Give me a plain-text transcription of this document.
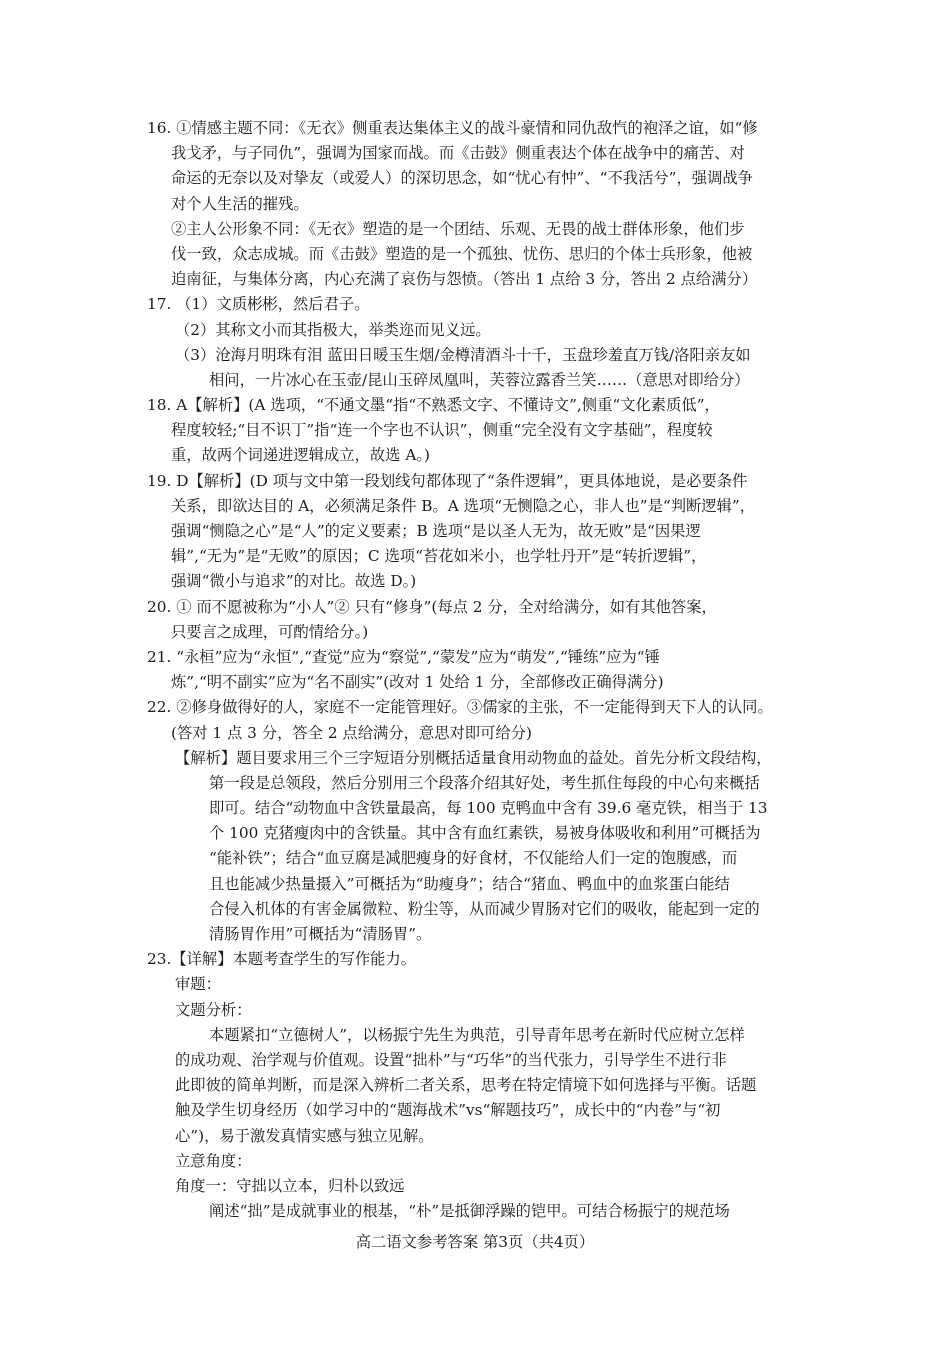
16. ①情感主题不同：《无衣》侧重表达集体主义的战斗豪情和同仇敌忾的袍泽之谊，如“修
我戈矛，与子同仇”，强调为国家而战。而《击鼓》侧重表达个体在战争中的痛苦、对
命运的无奈以及对挚友（或爱人）的深切思念，如“忧心有忡”、“不我活兮”，强调战争
对个人生活的摧残。
②主人公形象不同：《无衣》塑造的是一个团结、乐观、无畏的战士群体形象，他们步
伐一致，众志成城。而《击鼓》塑造的是一个孤独、忧伤、思归的个体士兵形象，他被
迫南征，与集体分离，内心充满了哀伤与怨愤。（答出 1 点给 3 分，答出 2 点给满分）
17. （1）文质彬彬，然后君子。
（2）其称文小而其指极大，举类迩而见义远。
（3）沧海月明珠有泪 蓝田日暖玉生烟/金樽清酒斗十千，玉盘珍羞直万钱/洛阳亲友如
相问，一片冰心在玉壶/昆山玉碎凤凰叫，芙蓉泣露香兰笑……（意思对即给分）
18. A【解析】(A 选项，“不通文墨“指“不熟悉文字、不懂诗文”,侧重“文化素质低”，
程度较轻;“目不识丁”指“连一个字也不认识”，侧重“完全没有文字基础”，程度较
重，故两个词递进逻辑成立，故选 A。)
19. D【解析】(D 项与文中第一段划线句都体现了“条件逻辑”，更具体地说，是必要条件
关系，即欲达目的 A，必须满足条件 B。A 选项“无恻隐之心，非人也”是“判断逻辑”，
强调“恻隐之心”是“人”的定义要素；B 选项“是以圣人无为，故无败”是“因果逻
辑”,“无为”是“无败”的原因；C 选项“苔花如米小，也学牡丹开”是“转折逻辑”，
强调“微小与追求”的对比。故选 D。)
20. ① 而不愿被称为“小人”② 只有“修身”(每点 2 分，全对给满分，如有其他答案，
只要言之成理，可酌情给分。)
21. “永桓”应为“永恒”,“查觉”应为“察觉”,“蒙发”应为“萌发”,“锤练”应为“锤
炼”,“明不副实”应为“名不副实”(改对 1 处给 1 分，全部修改正确得满分)
22. ②修身做得好的人，家庭不一定能管理好。③儒家的主张，不一定能得到天下人的认同。
(答对 1 点 3 分，答全 2 点给满分，意思对即可给分)
【解析】题目要求用三个三字短语分别概括适量食用动物血的益处。首先分析文段结构，
第一段是总领段，然后分别用三个段落介绍其好处，考生抓住每段的中心句来概括
即可。结合“动物血中含铁量最高，每 100 克鸭血中含有 39.6 毫克铁，相当于 13
个 100 克猪瘦肉中的含铁量。其中含有血红素铁，易被身体吸收和利用”可概括为
“能补铁”；结合“血豆腐是减肥瘦身的好食材，不仅能给人们一定的饱腹感，而
且也能减少热量摄入”可概括为“助瘦身”；结合“猪血、鸭血中的血浆蛋白能结
合侵入机体的有害金属微粒、粉尘等，从而减少胃肠对它们的吸收，能起到一定的
清肠胃作用”可概括为“清肠胃”。
23.【详解】本题考查学生的写作能力。
审题：
文题分析：
本题紧扣“立德树人”，以杨振宁先生为典范，引导青年思考在新时代应树立怎样
的成功观、治学观与价值观。设置“拙朴”与“巧华”的当代张力，引导学生不进行非
此即彼的简单判断，而是深入辨析二者关系，思考在特定情境下如何选择与平衡。话题
触及学生切身经历（如学习中的“题海战术”vs“解题技巧”，成长中的“内卷”与“初
心”)，易于激发真情实感与独立见解。
立意角度：
角度一：守拙以立本，归朴以致远
阐述“拙”是成就事业的根基，“朴”是抵御浮躁的铠甲。可结合杨振宁的规范场
高二语文参考答案 第3页（共4页）
